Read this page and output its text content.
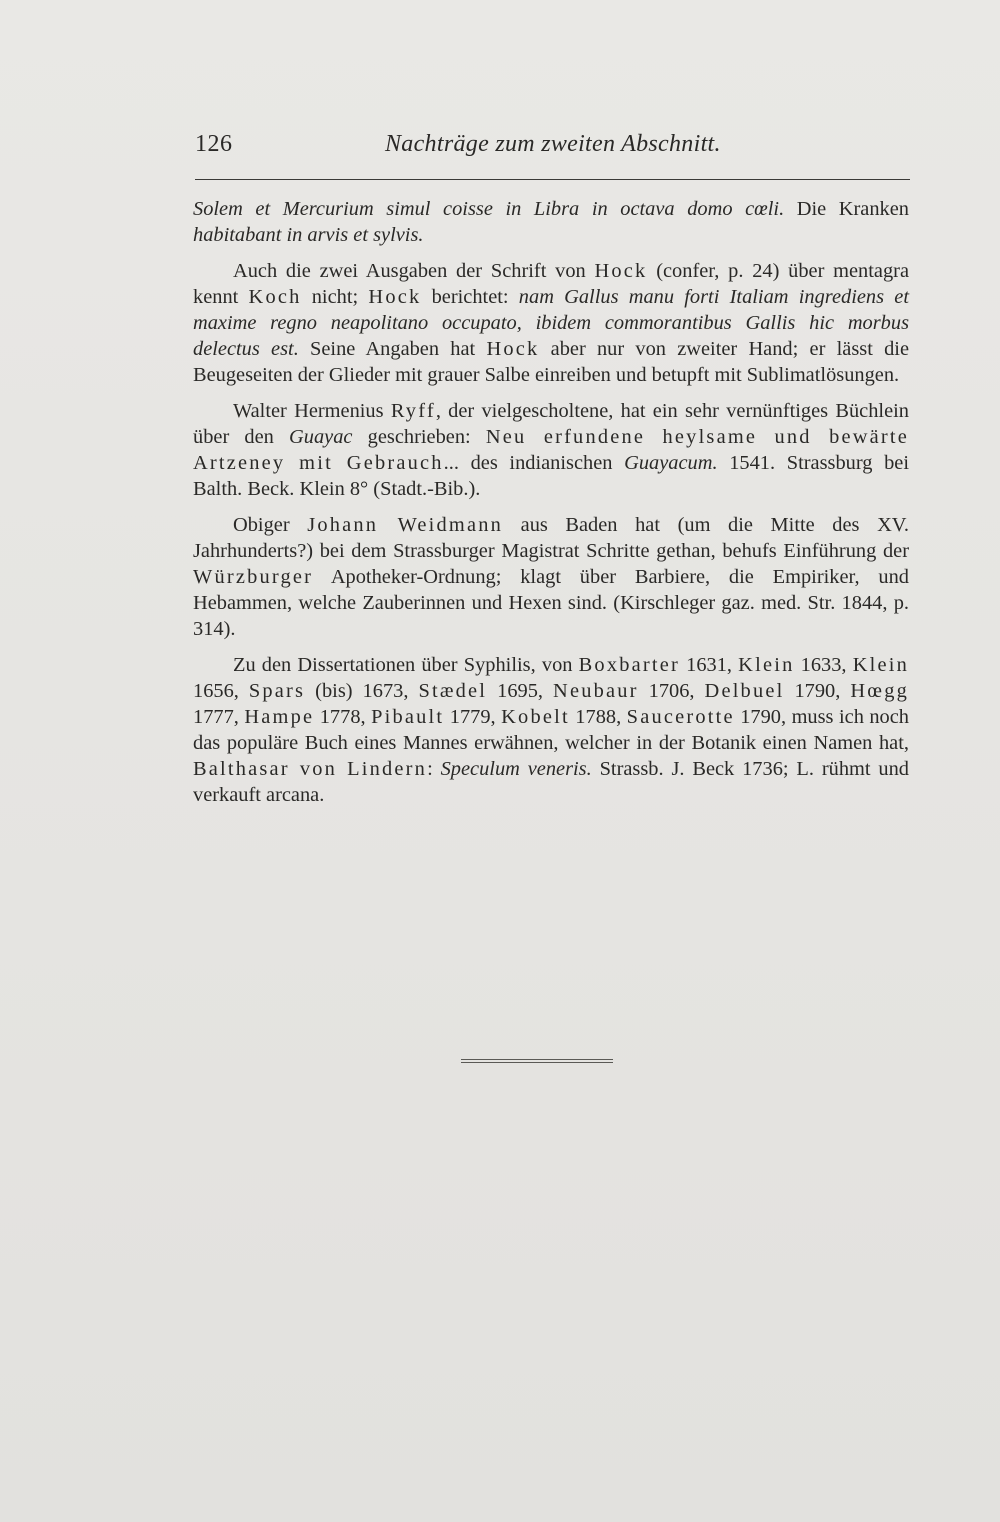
126	Nachträge zum zweiten Abschnitt.

Solem et Mercurium simul coisse in Libra in octava domo cœli. Die Kranken habitabant in arvis et sylvis.

Auch die zwei Ausgaben der Schrift von Hock (confer, p. 24) über mentagra kennt Koch nicht; Hock berichtet: nam Gallus manu forti Italiam ingrediens et maxime regno neapolitano occupato, ibidem commorantibus Gallis hic morbus delectus est. Seine Angaben hat Hock aber nur von zweiter Hand; er lässt die Beugeseiten der Glieder mit grauer Salbe einreiben und betupft mit Sublimatlösungen.

Walter Hermenius Ryff, der vielgescholtene, hat ein sehr vernünftiges Büchlein über den Guayac geschrieben: Neu erfundene heylsame und bewärte Artzeney mit Gebrauch... des indianischen Guayacum. 1541. Strassburg bei Balth. Beck. Klein 8° (Stadt.-Bib.).

Obiger Johann Weidmann aus Baden hat (um die Mitte des XV. Jahrhunderts?) bei dem Strassburger Magistrat Schritte gethan, behufs Einführung der Würzburger Apotheker-Ordnung; klagt über Barbiere, die Empiriker, und Hebammen, welche Zauberinnen und Hexen sind. (Kirschleger gaz. med. Str. 1844, p. 314).

Zu den Dissertationen über Syphilis, von Boxbarter 1631, Klein 1633, Klein 1656, Spars (bis) 1673, Stædel 1695, Neubaur 1706, Delbuel 1790, Hœgg 1777, Hampe 1778, Pibault 1779, Kobelt 1788, Saucerotte 1790, muss ich noch das populäre Buch eines Mannes erwähnen, welcher in der Botanik einen Namen hat, Balthasar von Lindern: Speculum veneris. Strassb. J. Beck 1736; L. rühmt und verkauft arcana.
